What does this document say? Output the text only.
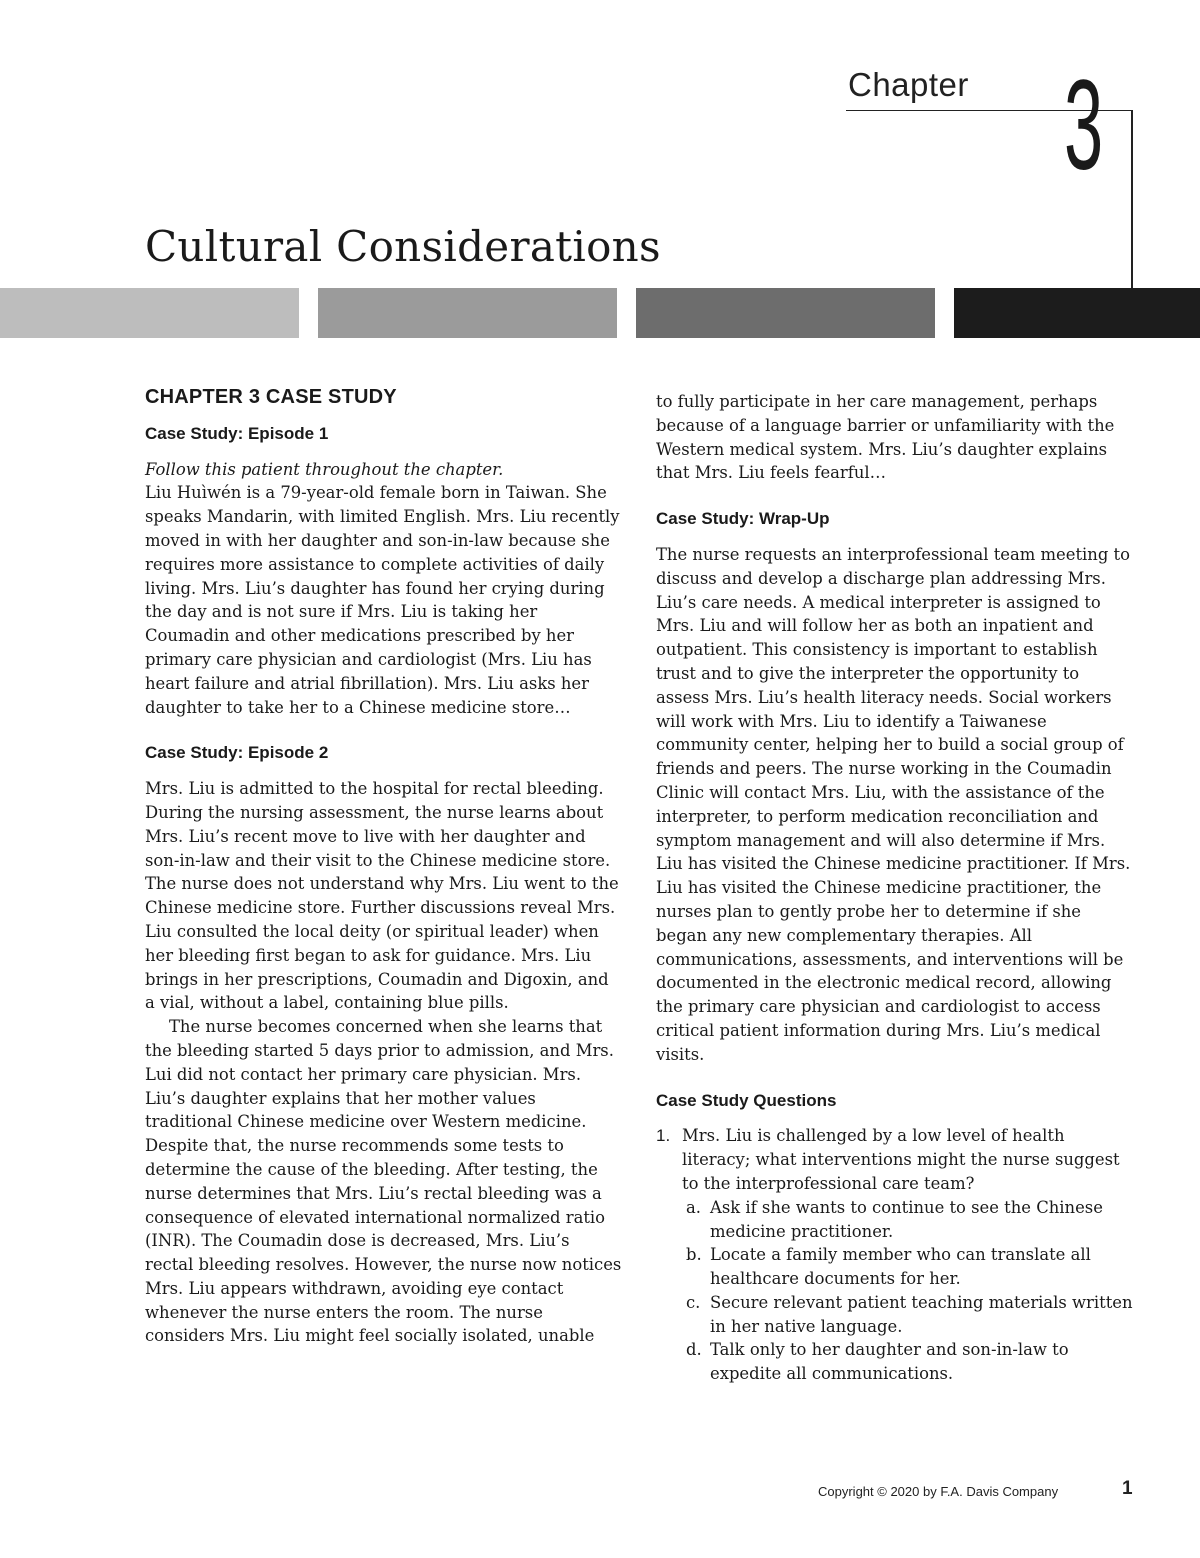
Chapter 3
Cultural Considerations
CHAPTER 3 CASE STUDY
Case Study: Episode 1

Follow this patient throughout the chapter.

Liu Huìwén is a 79-year-old female born in Taiwan. She speaks Mandarin, with limited English. Mrs. Liu recently moved in with her daughter and son-in-law because she requires more assistance to complete activities of daily living. Mrs. Liu’s daughter has found her crying during the day and is not sure if Mrs. Liu is taking her Coumadin and other medications prescribed by her primary care physician and cardiologist (Mrs. Liu has heart failure and atrial fibrillation). Mrs. Liu asks her daughter to take her to a Chinese medicine store…

Case Study: Episode 2

Mrs. Liu is admitted to the hospital for rectal bleeding. During the nursing assessment, the nurse learns about Mrs. Liu’s recent move to live with her daughter and son-in-law and their visit to the Chinese medicine store. The nurse does not understand why Mrs. Liu went to the Chinese medicine store. Further discussions reveal Mrs. Liu consulted the local deity (or spiritual leader) when her bleeding first began to ask for guidance. Mrs. Liu brings in her prescriptions, Coumadin and Digoxin, and a vial, without a label, containing blue pills.

The nurse becomes concerned when she learns that the bleeding started 5 days prior to admission, and Mrs. Lui did not contact her primary care physician. Mrs. Liu’s daughter explains that her mother values traditional Chinese medicine over Western medicine. Despite that, the nurse recommends some tests to determine the cause of the bleeding. After testing, the nurse determines that Mrs. Liu’s rectal bleeding was a consequence of elevated international normalized ratio (INR). The Coumadin dose is decreased, Mrs. Liu’s rectal bleeding resolves. However, the nurse now notices Mrs. Liu appears withdrawn, avoiding eye contact whenever the nurse enters the room. The nurse considers Mrs. Liu might feel socially isolated, unable

to fully participate in her care management, perhaps because of a language barrier or unfamiliarity with the Western medical system. Mrs. Liu’s daughter explains that Mrs. Liu feels fearful…

Case Study: Wrap-Up

The nurse requests an interprofessional team meeting to discuss and develop a discharge plan addressing Mrs. Liu’s care needs. A medical interpreter is assigned to Mrs. Liu and will follow her as both an inpatient and outpatient. This consistency is important to establish trust and to give the interpreter the opportunity to assess Mrs. Liu’s health literacy needs. Social workers will work with Mrs. Liu to identify a Taiwanese community center, helping her to build a social group of friends and peers. The nurse working in the Coumadin Clinic will contact Mrs. Liu, with the assistance of the interpreter, to perform medication reconciliation and symptom management and will also determine if Mrs. Liu has visited the Chinese medicine practitioner. If Mrs. Liu has visited the Chinese medicine practitioner, the nurses plan to gently probe her to determine if she began any new complementary therapies. All communications, assessments, and interventions will be documented in the electronic medical record, allowing the primary care physician and cardiologist to access critical patient information during Mrs. Liu’s medical visits.

Case Study Questions
1. Mrs. Liu is challenged by a low level of health literacy; what interventions might the nurse suggest to the interprofessional care team?
a. Ask if she wants to continue to see the Chinese medicine practitioner.
b. Locate a family member who can translate all healthcare documents for her.
c. Secure relevant patient teaching materials written in her native language.
d. Talk only to her daughter and son-in-law to expedite all communications.
Copyright © 2020 by F.A. Davis Company	1
